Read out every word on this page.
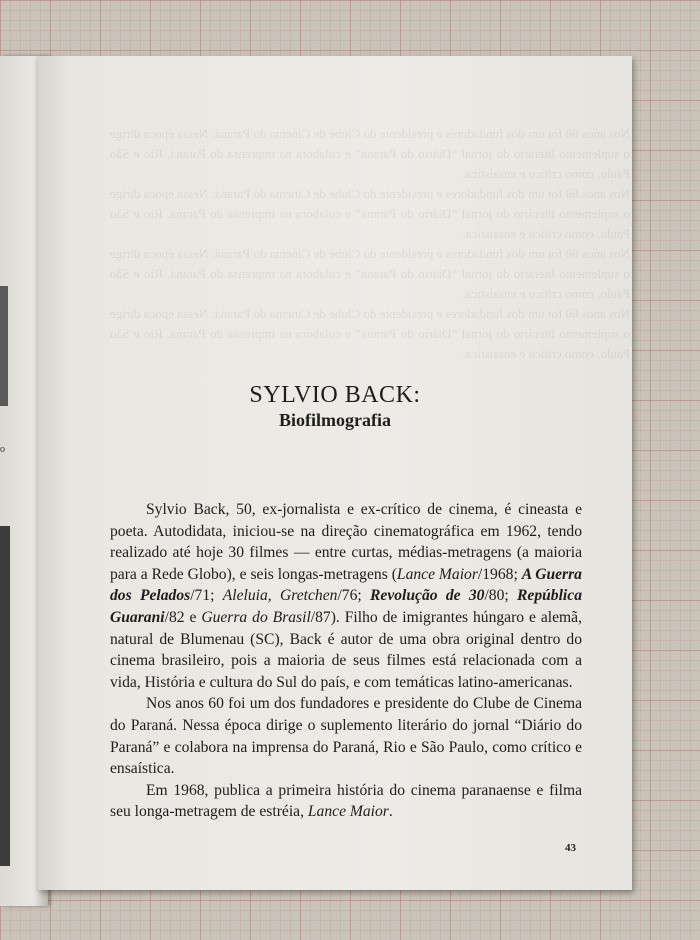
o
Nos anos 60 foi um dos fundadores e presidente do Clube de Cinema do Paraná. Nessa época dirige o suplemento literário do jornal “Diário do Paraná” e colabora na imprensa do Paraná, Rio e São Paulo, como crítico e ensaística.
Nos anos 60 foi um dos fundadores e presidente do Clube de Cinema do Paraná. Nessa época dirige o suplemento literário do jornal “Diário do Paraná” e colabora na imprensa do Paraná, Rio e São Paulo, como crítico e ensaística.
Nos anos 60 foi um dos fundadores e presidente do Clube de Cinema do Paraná. Nessa época dirige o suplemento literário do jornal “Diário do Paraná” e colabora na imprensa do Paraná, Rio e São Paulo, como crítico e ensaística.
Nos anos 60 foi um dos fundadores e presidente do Clube de Cinema do Paraná. Nessa época dirige o suplemento literário do jornal “Diário do Paraná” e colabora na imprensa do Paraná, Rio e São Paulo, como crítico e ensaística.
SYLVIO BACK:
Biofilmografia

Sylvio Back, 50, ex-jornalista e ex-crítico de cinema, é cineasta e poeta. Autodidata, iniciou-se na direção cinematográfica em 1962, tendo realizado até hoje 30 filmes — entre curtas, médias-metragens (a maioria para a Rede Globo), e seis longas-metragens (Lance Maior/1968; A Guerra dos Pelados/71; Aleluia, Gretchen/76; Revolução de 30/80; República Guarani/82 e Guerra do Brasil/87). Filho de imigrantes húngaro e alemã, natural de Blumenau (SC), Back é autor de uma obra original dentro do cinema brasileiro, pois a maioria de seus filmes está relacionada com a vida, História e cultura do Sul do país, e com temáticas latino-americanas.

Nos anos 60 foi um dos fundadores e presidente do Clube de Cinema do Paraná. Nessa época dirige o suplemento literário do jornal “Diário do Paraná” e colabora na imprensa do Paraná, Rio e São Paulo, como crítico e ensaística.

Em 1968, publica a primeira história do cinema paranaense e filma seu longa-metragem de estréia, Lance Maior.

43
